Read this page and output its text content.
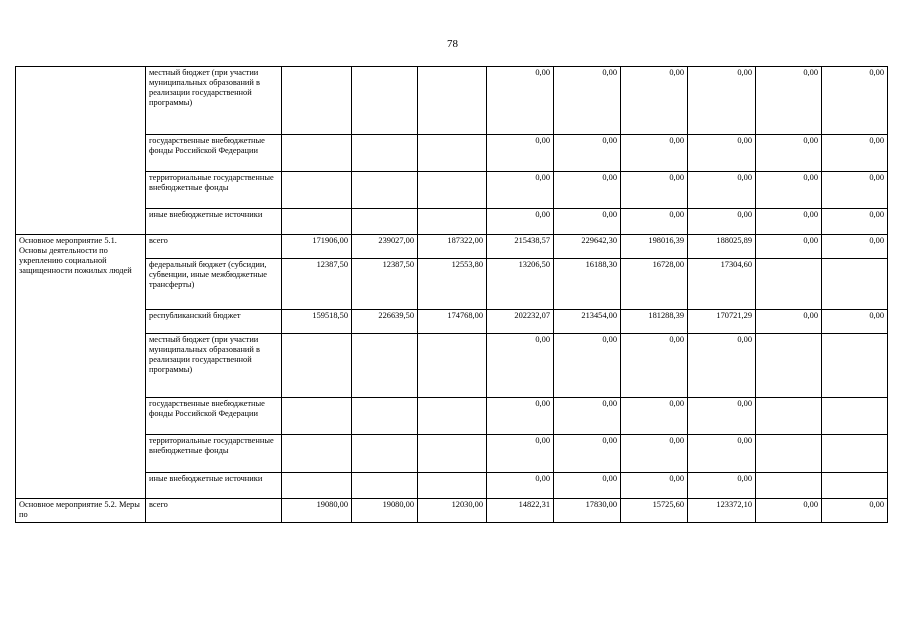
78
	местный бюджет (при участии муниципальных образований в реализации государственной программы)				0,00	0,00	0,00	0,00	0,00	0,00
	государственные внебюджетные фонды Российской Федерации				0,00	0,00	0,00	0,00	0,00	0,00
	территориальные государственные внебюджетные фонды				0,00	0,00	0,00	0,00	0,00	0,00
	иные внебюджетные источники				0,00	0,00	0,00	0,00	0,00	0,00
Основное мероприятие 5.1. Основы деятельности по укреплению социальной защищенности пожилых людей	всего	171906,00	239027,00	187322,00	215438,57	229642,30	198016,39	188025,89	0,00	0,00
	федеральный бюджет (субсидии, субвенции, иные межбюджетные трансферты)	12387,50	12387,50	12553,80	13206,50	16188,30	16728,00	17304,60		
	республиканский бюджет	159518,50	226639,50	174768,00	202232,07	213454,00	181288,39	170721,29	0,00	0,00
	местный бюджет (при участии муниципальных образований в реализации государственной программы)				0,00	0,00	0,00	0,00		
	государственные внебюджетные фонды Российской Федерации				0,00	0,00	0,00	0,00		
	территориальные государственные внебюджетные фонды				0,00	0,00	0,00	0,00		
	иные внебюджетные источники				0,00	0,00	0,00	0,00		
Основное мероприятие 5.2. Меры по	всего	19080,00	19080,00	12030,00	14822,31	17830,00	15725,60	123372,10	0,00	0,00
